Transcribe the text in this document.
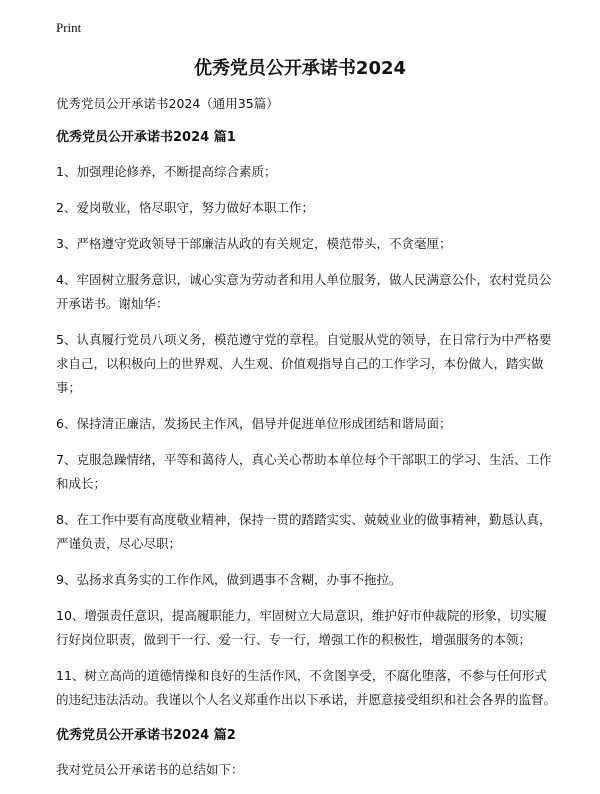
Print
优秀党员公开承诺书2024

优秀党员公开承诺书2024（通用35篇）

优秀党员公开承诺书2024 篇1

1、加强理论修养，不断提高综合素质；

2、爱岗敬业，恪尽职守，努力做好本职工作；

3、严格遵守党政领导干部廉洁从政的有关规定，模范带头，不贪毫厘；

4、牢固树立服务意识，诚心实意为劳动者和用人单位服务，做人民满意公仆，农村党员公开承诺书。谢灿华：

5、认真履行党员八项义务，模范遵守党的章程。自觉服从党的领导，在日常行为中严格要求自己，以积极向上的世界观、人生观、价值观指导自己的工作学习，本份做人，踏实做事；

6、保持清正廉洁，发扬民主作风，倡导并促进单位形成团结和谐局面；

7、克服急躁情绪，平等和蔼待人，真心关心帮助本单位每个干部职工的学习、生活、工作和成长；

8、在工作中要有高度敬业精神，保持一贯的踏踏实实、兢兢业业的做事精神，勤恳认真，严谨负责，尽心尽职；

9、弘扬求真务实的工作作风，做到遇事不含糊，办事不拖拉。

10、增强责任意识，提高履职能力，牢固树立大局意识，维护好市仲裁院的形象，切实履行好岗位职责，做到干一行、爱一行、专一行，增强工作的积极性，增强服务的本领；

11、树立高尚的道德情操和良好的生活作风，不贪图享受，不腐化堕落，不参与任何形式的违纪违法活动。我谨以个人名义郑重作出以下承诺，并愿意接受组织和社会各界的监督。

优秀党员公开承诺书2024 篇2

我对党员公开承诺书的总结如下：
